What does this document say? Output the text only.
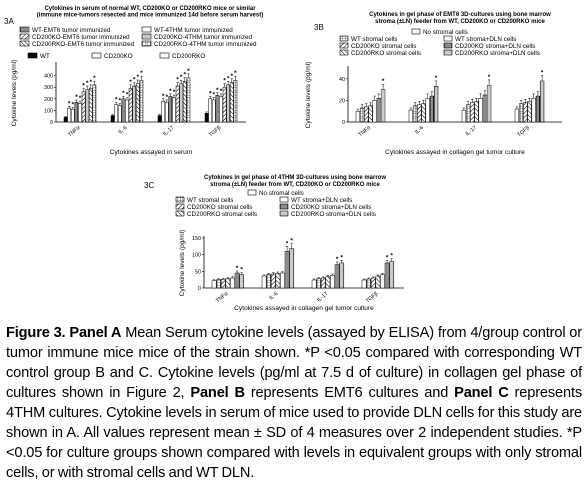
3A
Cytokines in serum of normal WT, CD200KO or CD200RKO mice or similar
(immune mice-tumors resected and mice immunized 14d before serum harvest)
WT-EMT6 tumor immunized	WT-4THM tumor immunized
CD200KO-EMT6 tumor immunized	CD200KO-4THM tumor immunized
CD200RKO-EMT6 tumor immunized	CD200RKO-4THM tumor immunized
WT	CD200KO	CD200RKO
0
100
200
300
400
Cytokine levels (pg/ml)	* *
* *
* * *
*
TNFα
* *
* *
* * *
*
IL-6
* *
* *
* * *
*
IL-17
* *
* *
* * * *
TGFβ
Cytokines assayed in serum
3B
Cytokines in gel phase of EMT6 3D-cultures using bone marrow
stroma (±LN) feeder from WT, CD200KO or CD200RKO mice
No stromal cells
WT stromal cells	WT stroma+DLN cells
CD200KO stromal cells	CD200KO stroma+DLN cells
CD200RKO stromal cells	CD200RKO stroma+DLN cells
0
20
40
Cytokine levels (pg/ml)	*
TNFα
*
IL-6
*
IL-17
*
TGFβ
Cytokines assayed in collagen gel tumor culture
3C
Cytokines in gel phase of 4THM 3D-cultures using bone marrow
stroma (±LN) feeder from WT, CD200KO or CD200RKO mice
No stromal cells
WT stromal cells	WT stroma+DLN cells
CD200KO stromal cells	CD200KO stroma+DLN cells
CD200RKO stromal cells	CD200RKO stroma+DLN cells
0
50
100
150
Cytokine levels (pg/ml)	* *
TNFα
* *
IL-6
* *
IL-17
* *
TGFβ
Cytokines assayed in collagen gel tumor culture
Figure 3. Panel A Mean Serum cytokine levels (assayed by ELISA) from 4/group control or tumor immune mice mice of the strain shown. *P <0.05 compared with corresponding WT control group B and C. Cytokine levels (pg/ml at 7.5 d of culture) in collagen gel phase of cultures shown in Figure 2, Panel B represents EMT6 cultures and Panel C represents 4THM cultures. Cytokine levels in serum of mice used to provide DLN cells for this study are shown in A. All values represent mean ± SD of 4 measures over 2 independent studies. *P <0.05 for culture groups shown compared with levels in equivalent groups with only stromal cells, or with stromal cells and WT DLN.
